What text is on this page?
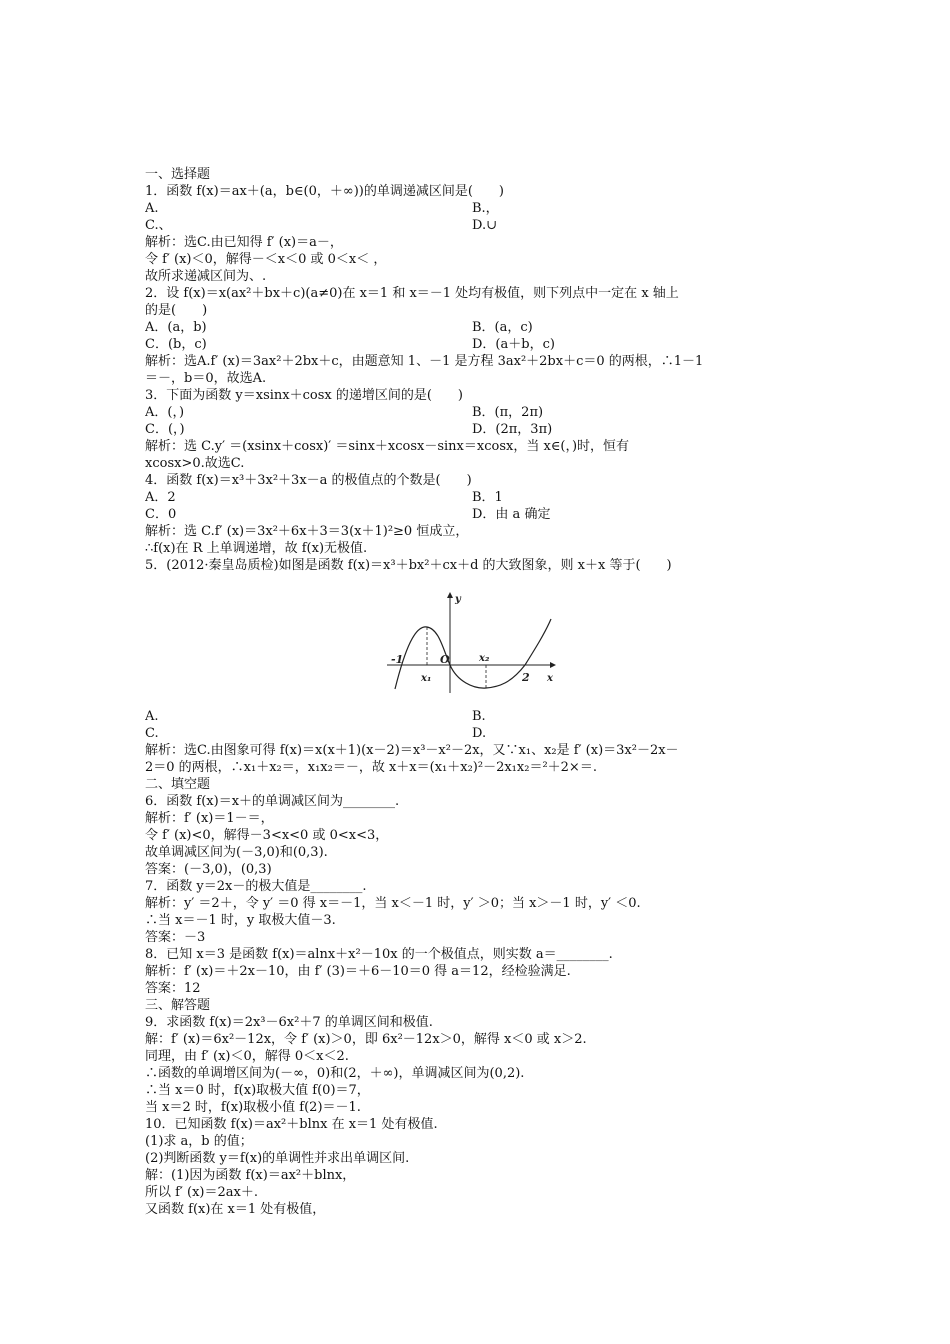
一、选择题
1．函数 f(x)＝ax＋(a，b∈(0，＋∞))的单调递减区间是(　　)
A.	B.，
C.、	D.∪
解析：选C.由已知得 f′ (x)＝a－，
令 f′ (x)＜0，解得－＜x＜0 或 0＜x＜ ，
故所求递减区间为、.
2．设 f(x)＝x(ax²＋bx＋c)(a≠0)在 x＝1 和 x＝－1 处均有极值，则下列点中一定在 x 轴上
的是(　　)
A．(a，b)	B．(a，c)
C．(b，c)	D．(a＋b，c)
解析：选A.f′ (x)＝3ax²＋2bx＋c，由题意知 1、－1 是方程 3ax²＋2bx＋c＝0 的两根，∴1－1
＝－，b＝0，故选A.
3．下面为函数 y＝xsinx＋cosx 的递增区间的是(　　)
A．(，)	B．(π，2π)
C．(，)	D．(2π，3π)
解析：选 C.y′ ＝(xsinx＋cosx)′ ＝sinx＋xcosx－sinx＝xcosx，当 x∈(，)时，恒有
xcosx>0.故选C.
4．函数 f(x)＝x³＋3x²＋3x－a 的极值点的个数是(　　)
A．2	B．1
C．0	D．由 a 确定
解析：选 C.f′ (x)＝3x²＋6x＋3＝3(x＋1)²≥0 恒成立，
∴f(x)在 R 上单调递增，故 f(x)无极值.
5．(2012·秦皇岛质检)如图是函数 f(x)＝x³＋bx²＋cx＋d 的大致图象，则 x＋x 等于(　　)
y
x
O
-1
x₁
x₂
2
A.	B.
C.	D.
解析：选C.由图象可得 f(x)＝x(x＋1)(x－2)＝x³－x²－2x，又∵x₁、x₂是 f′ (x)＝3x²－2x－
2＝0 的两根，∴x₁＋x₂＝，x₁x₂＝－，故 x＋x＝(x₁＋x₂)²－2x₁x₂＝²＋2×＝.
二、填空题
6．函数 f(x)＝x＋的单调减区间为________.
解析：f′ (x)＝1－＝，
令 f′ (x)<0，解得－3<x<0 或 0<x<3，
故单调减区间为(－3,0)和(0,3).
答案：(－3,0)，(0,3)
7．函数 y＝2x－的极大值是________.
解析：y′ ＝2＋，令 y′ ＝0 得 x＝－1，当 x＜－1 时，y′ ＞0；当 x＞－1 时，y′ ＜0.
∴当 x＝－1 时，y 取极大值－3.
答案：－3
8．已知 x＝3 是函数 f(x)＝alnx＋x²－10x 的一个极值点，则实数 a＝________.
解析：f′ (x)＝＋2x－10，由 f′ (3)＝＋6－10＝0 得 a＝12，经检验满足.
答案：12
三、解答题
9．求函数 f(x)＝2x³－6x²＋7 的单调区间和极值.
解：f′ (x)＝6x²－12x，令 f′ (x)＞0，即 6x²－12x＞0，解得 x＜0 或 x＞2.
同理，由 f′ (x)＜0，解得 0＜x＜2.
∴函数的单调增区间为(－∞，0)和(2，＋∞)，单调减区间为(0,2).
∴当 x＝0 时，f(x)取极大值 f(0)＝7，
当 x＝2 时，f(x)取极小值 f(2)＝－1.
10．已知函数 f(x)＝ax²＋blnx 在 x＝1 处有极值.
(1)求 a，b 的值；
(2)判断函数 y＝f(x)的单调性并求出单调区间.
解：(1)因为函数 f(x)＝ax²＋blnx，
所以 f′ (x)＝2ax＋.
又函数 f(x)在 x＝1 处有极值，
